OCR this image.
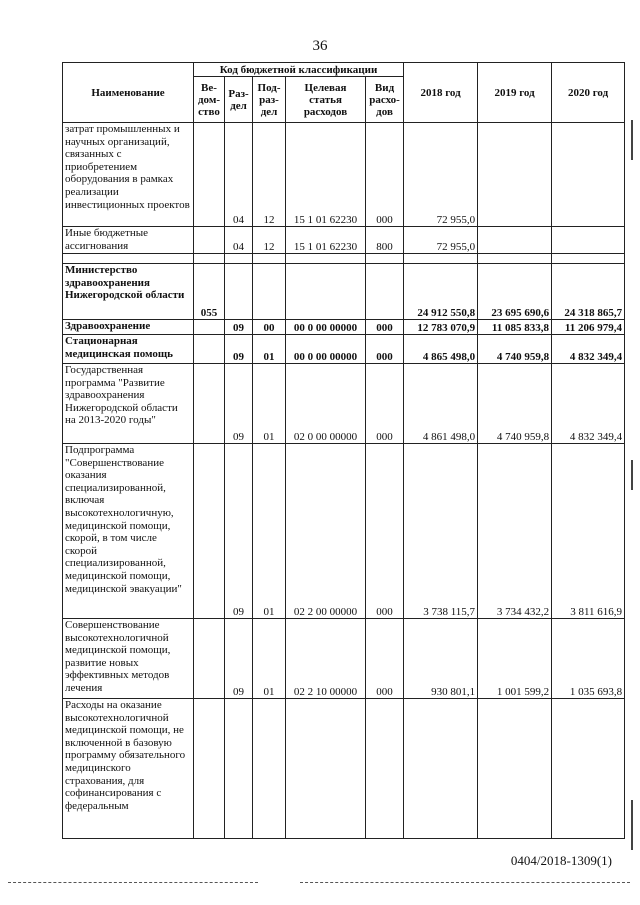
36
Наименование	Код бюджетной классификации					2018 год	2019 год	2020 год
	Ве- дом- ство	Раз- дел	Под- раз- дел	Целевая статья расходов	Вид расхо- дов			
затрат промышленных и научных организаций, связанных с приобретением оборудования в рамках реализации инвестиционных проектов		04	12	15 1 01 62230	000	72 955,0		
Иные бюджетные ассигнования		04	12	15 1 01 62230	800	72 955,0		

Министерство здравоохранения Нижегородской области	055					24 912 550,8	23 695 690,6	24 318 865,7
Здравоохранение		09	00	00 0 00 00000	000	12 783 070,9	11 085 833,8	11 206 979,4
Стационарная медицинская помощь		09	01	00 0 00 00000	000	4 865 498,0	4 740 959,8	4 832 349,4
Государственная программа "Развитие здравоохранения Нижегородской области на 2013-2020 годы"		09	01	02 0 00 00000	000	4 861 498,0	4 740 959,8	4 832 349,4
Подпрограмма "Совершенствование оказания специализированной, включая высокотехнологичную, медицинской помощи, скорой, в том числе скорой специализированной, медицинской помощи, медицинской эвакуации"		09	01	02 2 00 00000	000	3 738 115,7	3 734 432,2	3 811 616,9
Совершенствование высокотехнологичной медицинской помощи, развитие новых эффективных методов лечения		09	01	02 2 10 00000	000	930 801,1	1 001 599,2	1 035 693,8
Расходы на оказание высокотехнологичной медицинской помощи, не включенной в базовую программу обязательного медицинского страхования, для софинансирования с федеральным								
0404/2018-1309(1)
